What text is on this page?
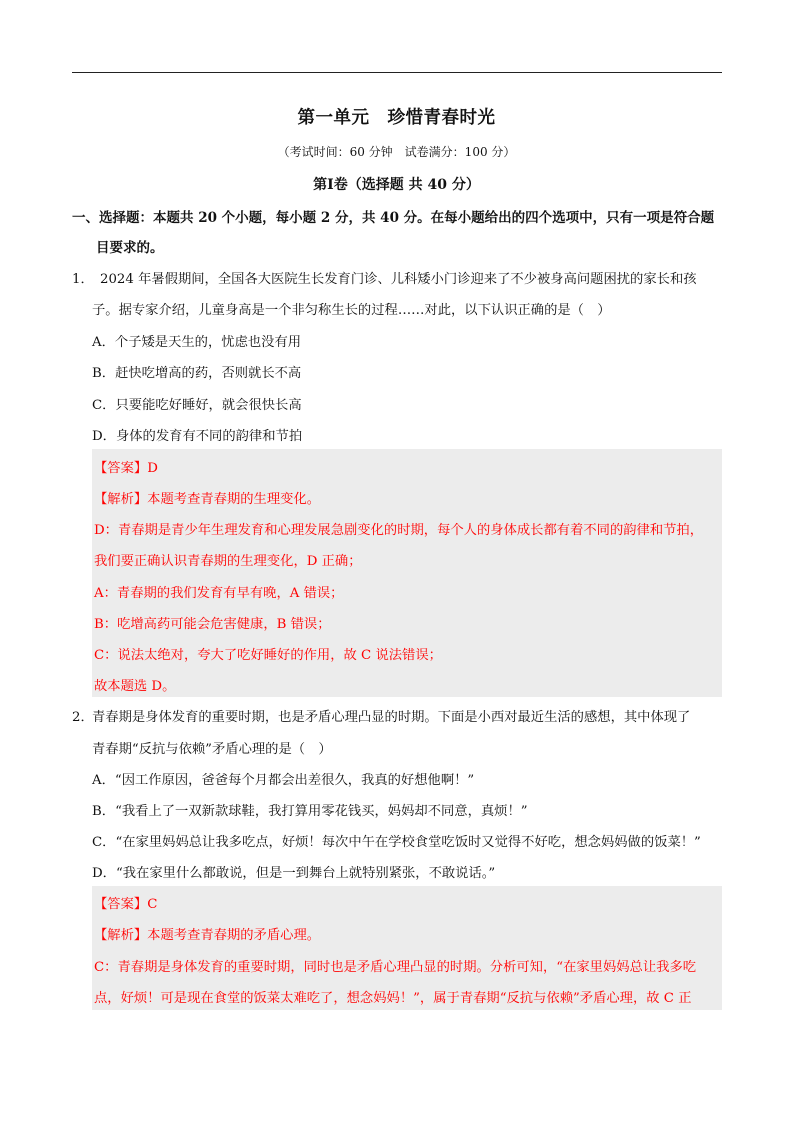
第一单元　珍惜青春时光
（考试时间：60 分钟　试卷满分：100 分）
第Ⅰ卷（选择题 共 40 分）
一、选择题：本题共 20 个小题，每小题 2 分，共 40 分。在每小题给出的四个选项中，只有一项是符合题
目要求的。
1． 2024 年暑假期间，全国各大医院生长发育门诊、儿科矮小门诊迎来了不少被身高问题困扰的家长和孩
子。据专家介绍，儿童身高是一个非匀称生长的过程……对此，以下认识正确的是（　）
A．个子矮是天生的，忧虑也没有用
B．赶快吃增高的药，否则就长不高
C．只要能吃好睡好，就会很快长高
D．身体的发育有不同的韵律和节拍
【答案】D
【解析】本题考查青春期的生理变化。
D：青春期是青少年生理发育和心理发展急剧变化的时期，每个人的身体成长都有着不同的韵律和节拍，
我们要正确认识青春期的生理变化，D 正确；
A：青春期的我们发育有早有晚，A 错误；
B：吃增高药可能会危害健康，B 错误；
C：说法太绝对，夸大了吃好睡好的作用，故 C 说法错误；
故本题选 D。
2．
青春期是身体发育的重要时期，也是矛盾心理凸显的时期。下面是小西对最近生活的感想，其中体现了
青春期“反抗与依赖”矛盾心理的是（　）
A．“因工作原因，爸爸每个月都会出差很久，我真的好想他啊！”
B．“我看上了一双新款球鞋，我打算用零花钱买，妈妈却不同意，真烦！”
C．“在家里妈妈总让我多吃点，好烦！每次中午在学校食堂吃饭时又觉得不好吃，想念妈妈做的饭菜！”
D．“我在家里什么都敢说，但是一到舞台上就特别紧张，不敢说话。”
【答案】C
【解析】本题考查青春期的矛盾心理。
C：青春期是身体发育的重要时期，同时也是矛盾心理凸显的时期。分析可知，“在家里妈妈总让我多吃
点，好烦！可是现在食堂的饭菜太难吃了，想念妈妈！”，属于青春期“反抗与依赖”矛盾心理，故 C 正
